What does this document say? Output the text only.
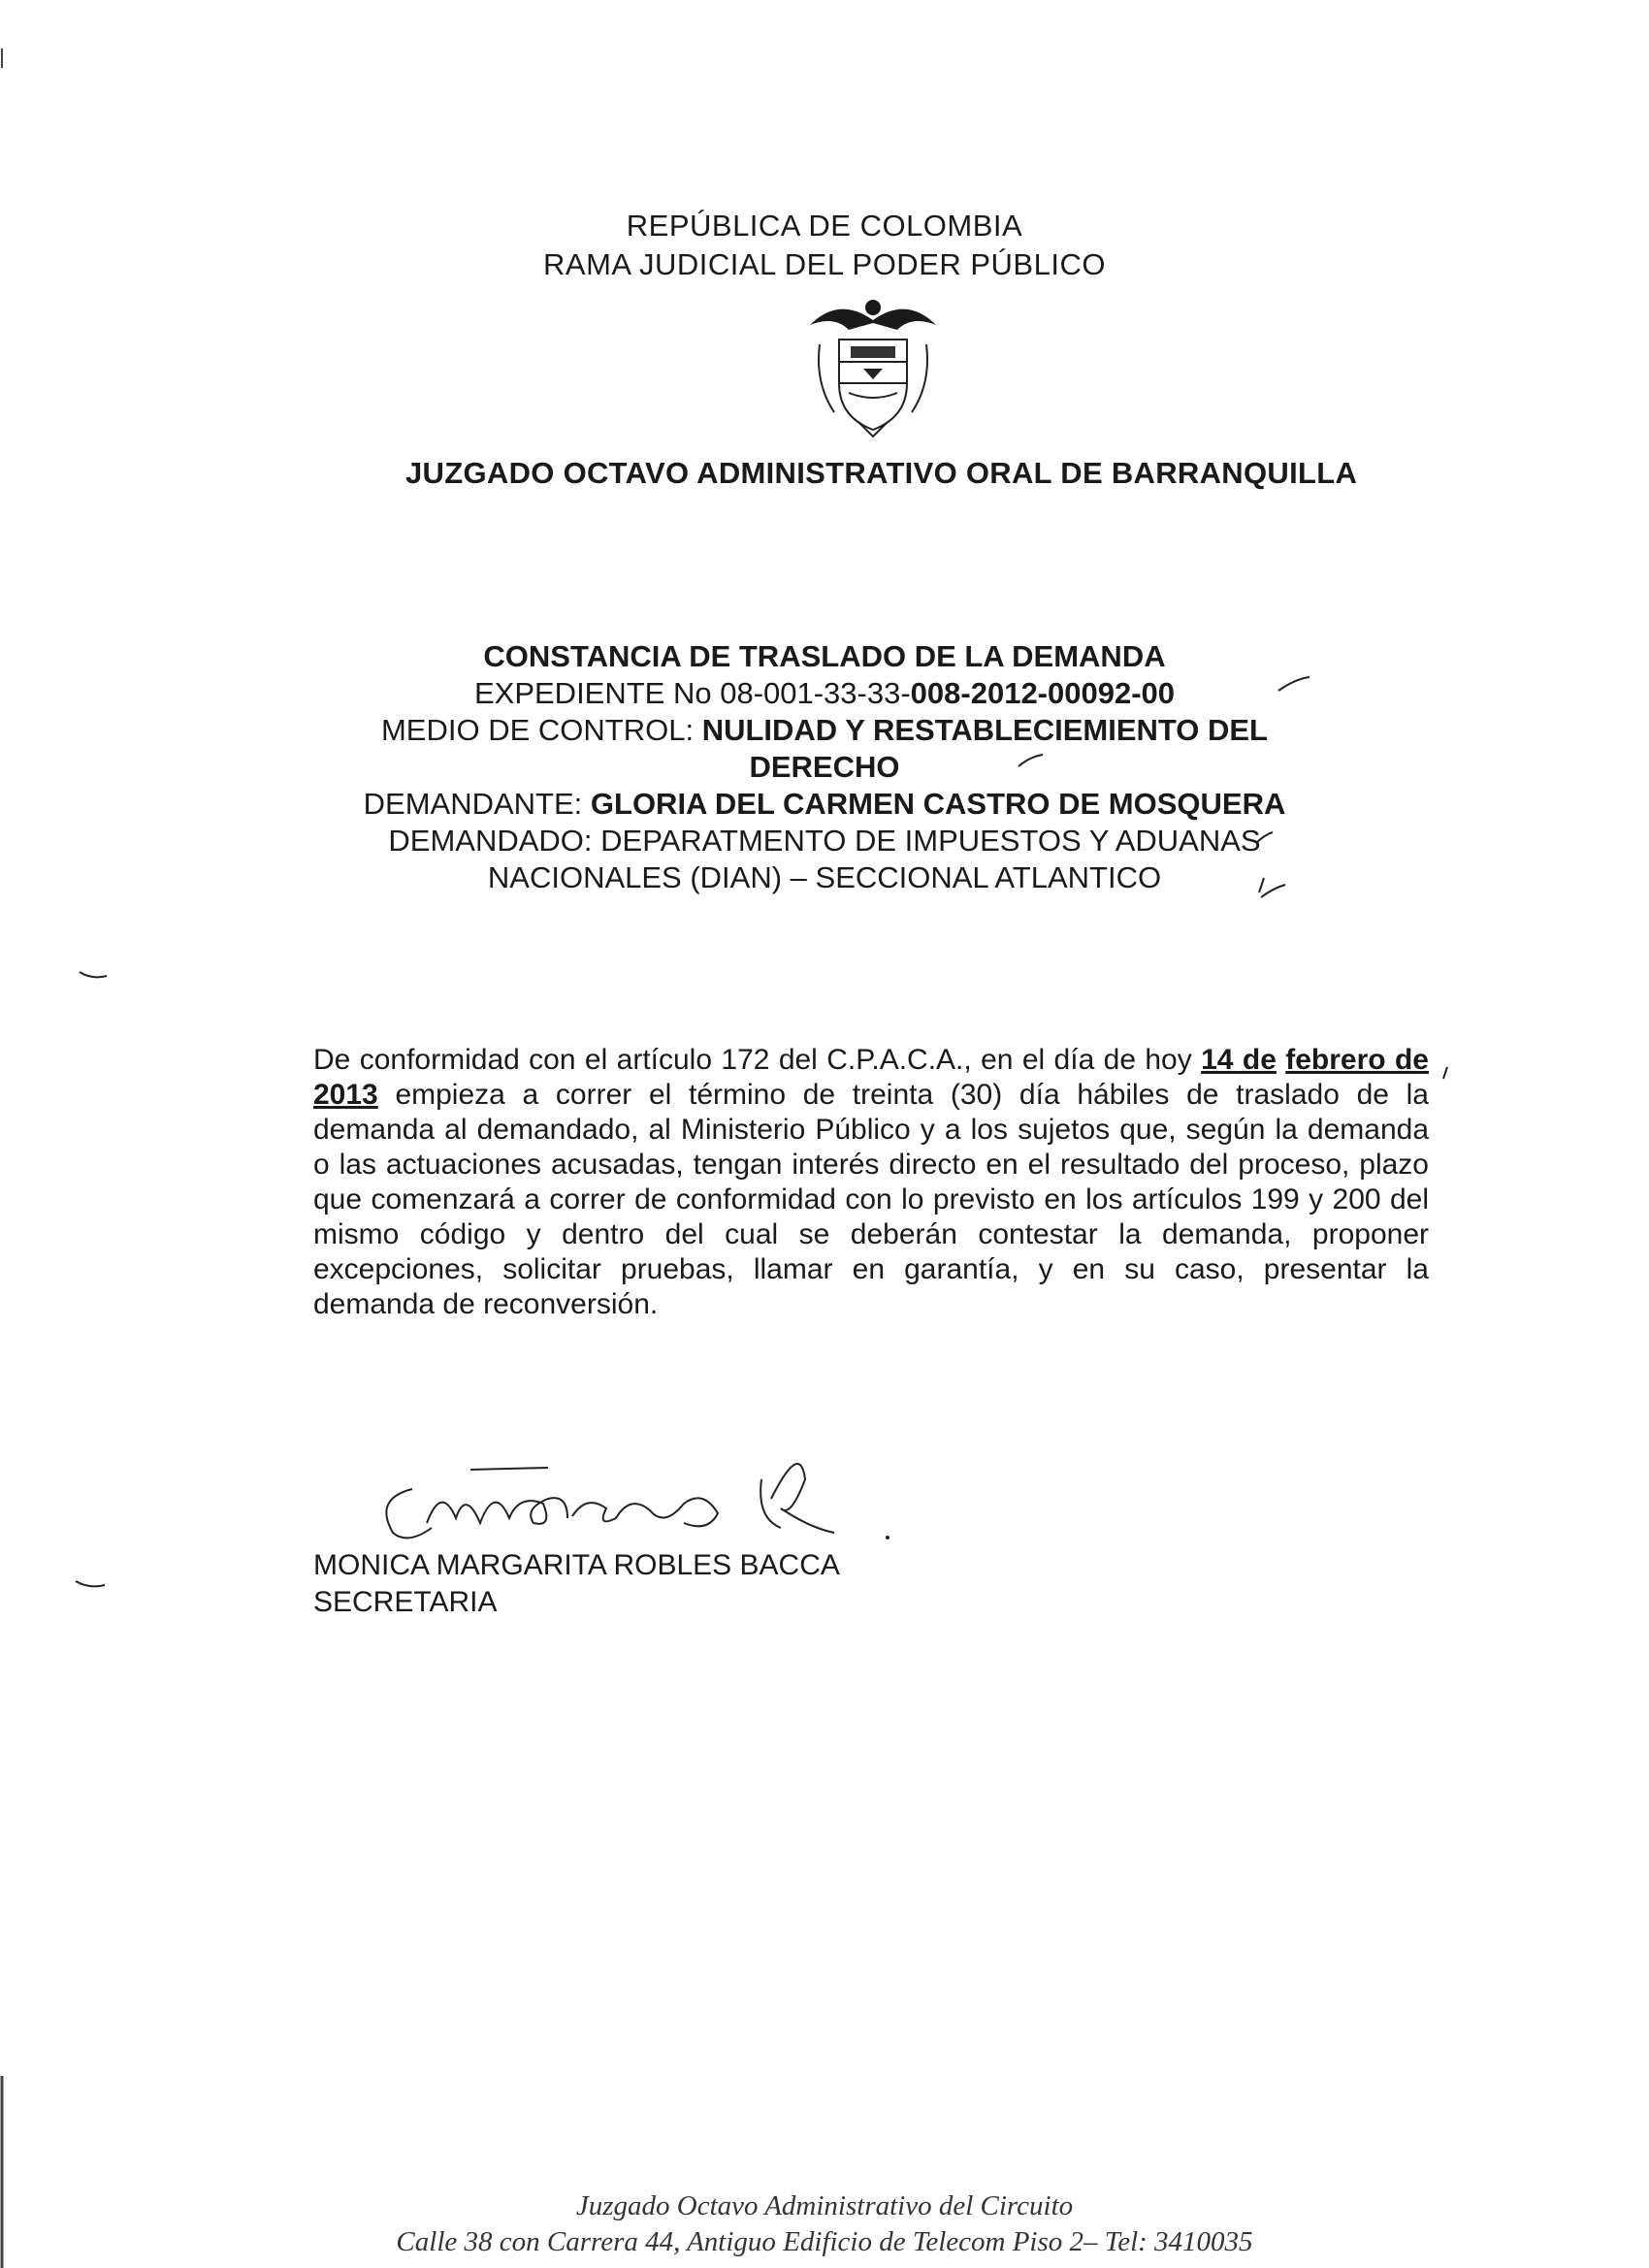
REPÚBLICA DE COLOMBIA
RAMA JUDICIAL DEL PODER PÚBLICO
JUZGADO OCTAVO ADMINISTRATIVO ORAL DE BARRANQUILLA
CONSTANCIA DE TRASLADO DE LA DEMANDA
EXPEDIENTE No 08-001-33-33-008-2012-00092-00
MEDIO DE CONTROL: NULIDAD Y RESTABLECIEMIENTO DEL
DERECHO
DEMANDANTE: GLORIA DEL CARMEN CASTRO DE MOSQUERA
DEMANDADO: DEPARATMENTO DE IMPUESTOS Y ADUANAS
NACIONALES (DIAN) – SECCIONAL ATLANTICO
De conformidad con el artículo 172 del C.P.A.C.A., en el día de hoy 14 de febrero de 2013 empieza a correr el término de treinta (30) día hábiles de traslado de la demanda al demandado, al Ministerio Público y a los sujetos que, según la demanda o las actuaciones acusadas, tengan interés directo en el resultado del proceso, plazo que comenzará a correr de conformidad con lo previsto en los artículos 199 y 200 del mismo código y dentro del cual se deberán contestar la demanda, proponer excepciones, solicitar pruebas, llamar en garantía, y en su caso, presentar la demanda de reconversión.
MONICA MARGARITA ROBLES BACCA
SECRETARIA
Juzgado Octavo Administrativo del Circuito
Calle 38 con Carrera 44, Antiguo Edificio de Telecom Piso 2– Tel: 3410035
